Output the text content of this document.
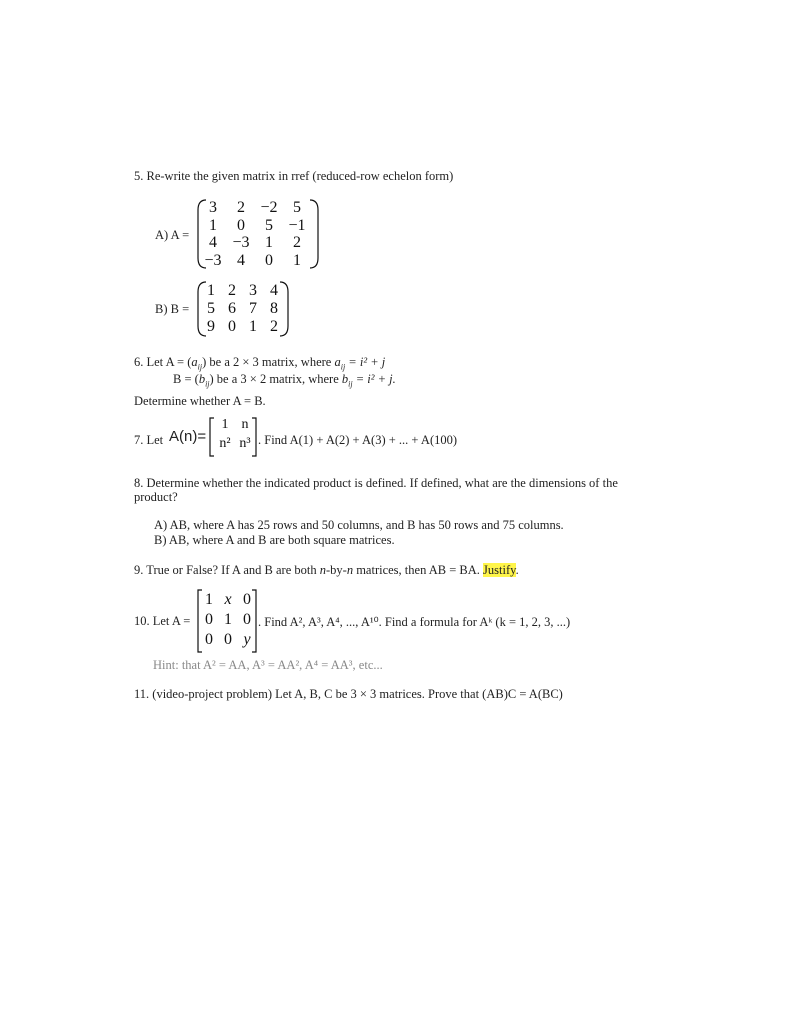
5. Re-write the given matrix in rref (reduced-row echelon form)
A) A =
3	2 −2 5
1	0	5 −1
4 −3 1	2
−3 4	0	1
B) B =
1 2 3 4
5 6 7 8
9 0 1 2
6. Let $A = (a_{ij})$ be a 2 × 3 matrix, where $a_{ij} = i^2 + j$
$B = (b_{ij})$ be a 3 × 2 matrix, where $b_{ij} = i^2 + j$.
Determine whether A = B.
7. Let A(n)=
1 n
n² n³ . Find A(1) + A(2) + A(3) + ... + A(100)
8. Determine whether the indicated product is defined. If defined, what are the dimensions of the
product?
A) AB, where A has 25 rows and 50 columns, and B has 50 rows and 75 columns.
B) AB, where A and B are both square matrices.
9. True or False? If A and B are both n-by-n matrices, then AB = BA. Justify.
10. Let A =
1 x 0
0 1 0
0 0 y
. Find A², A³, A⁴, ..., A¹⁰. Find a formula for Aᵏ (k = 1, 2, 3, ...)
Hint: that A² = AA, A³ = AA², A⁴ = AA³, etc...
11. (video-project problem) Let A, B, C be 3 × 3 matrices. Prove that (AB)C = A(BC)
